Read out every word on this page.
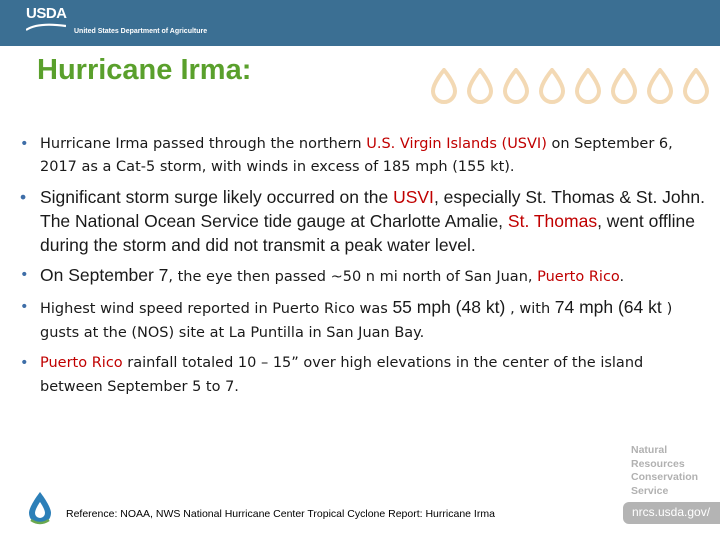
USDA
United States Department of Agriculture
Hurricane Irma:
• Hurricane Irma passed through the northern U.S. Virgin Islands (USVI) on September 6, 2017 as a Cat-5 storm, with winds in excess of 185 mph (155 kt).
• Significant storm surge likely occurred on the USVI, especially St. Thomas & St. John. The National Ocean Service tide gauge at Charlotte Amalie, St. Thomas, went offline during the storm and did not transmit a peak water level.
• On September 7, the eye then passed ~50 n mi north of San Juan, Puerto Rico.
• Highest wind speed reported in Puerto Rico was 55 mph (48 kt) , with 74 mph (64 kt ) gusts at the (NOS) site at La Puntilla in San Juan Bay.
• Puerto Rico rainfall totaled 10 – 15” over high elevations in the center of the island between September 5 to 7.

Reference: NOAA, NWS National Hurricane Center Tropical Cyclone Report: Hurricane Irma

Natural
Resources
Conservation
Service
nrcs.usda.gov/
